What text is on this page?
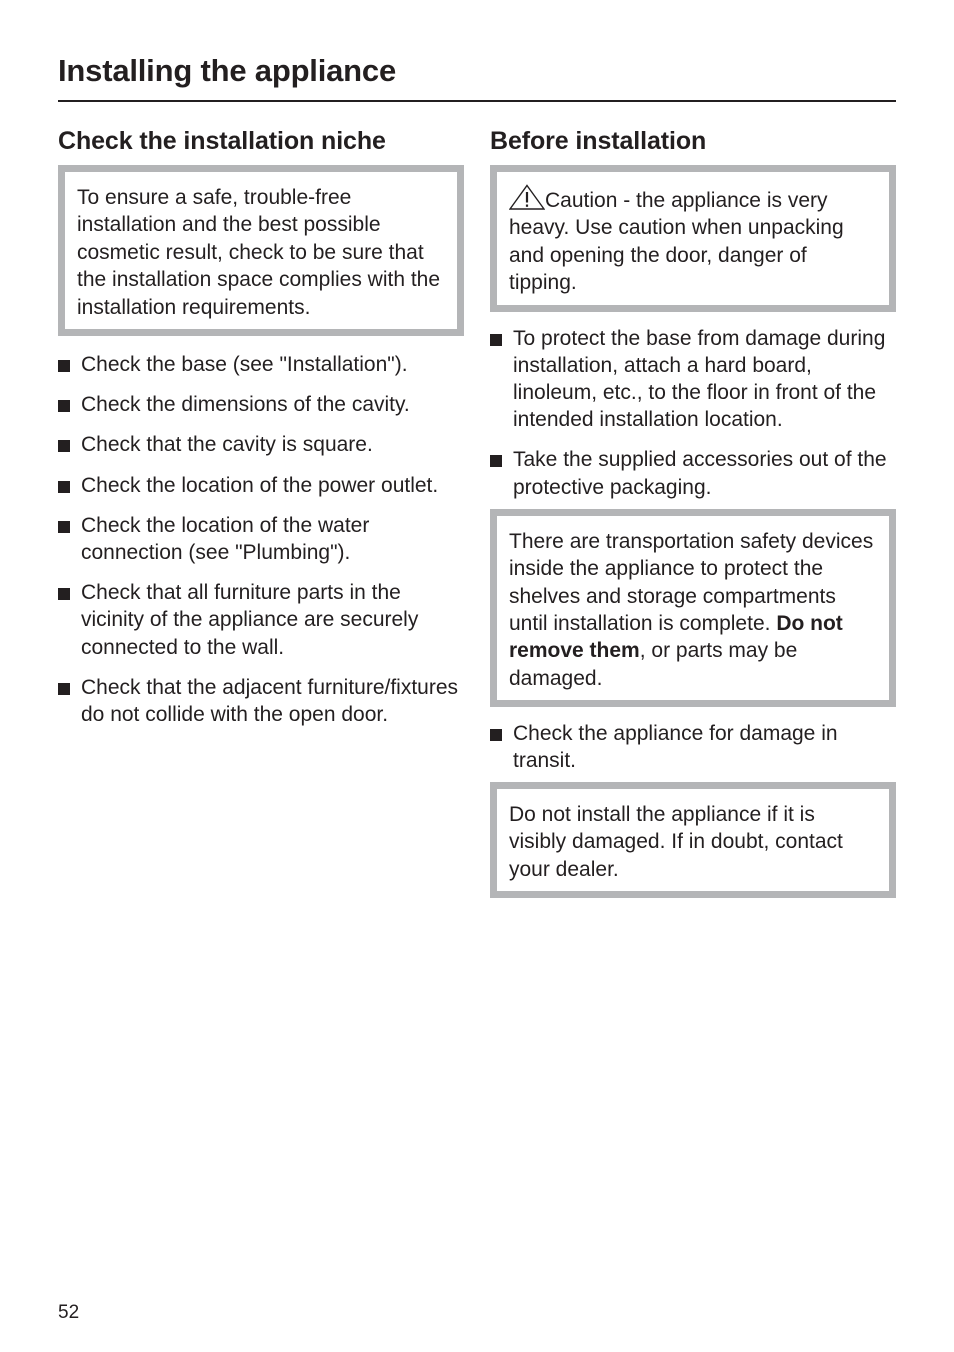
Installing the appliance
Check the installation niche
To ensure a safe, trouble-free installation and the best possible cosmetic result, check to be sure that the installation space complies with the installation requirements.
Check the base (see "Installation").
Check the dimensions of the cavity.
Check that the cavity is square.
Check the location of the power outlet.
Check the location of the water connection (see "Plumbing").
Check that all furniture parts in the vicinity of the appliance are securely connected to the wall.
Check that the adjacent furniture/fixtures do not collide with the open door.
Before installation
Caution - the appliance is very heavy. Use caution when unpacking and opening the door, danger of tipping.
To protect the base from damage during installation, attach a hard board, linoleum, etc., to the floor in front of the intended installation location.
Take the supplied accessories out of the protective packaging.
There are transportation safety devices inside the appliance to protect the shelves and storage compartments until installation is complete. Do not remove them, or parts may be damaged.
Check the appliance for damage in transit.
Do not install the appliance if it is visibly damaged. If in doubt, contact your dealer.
52
